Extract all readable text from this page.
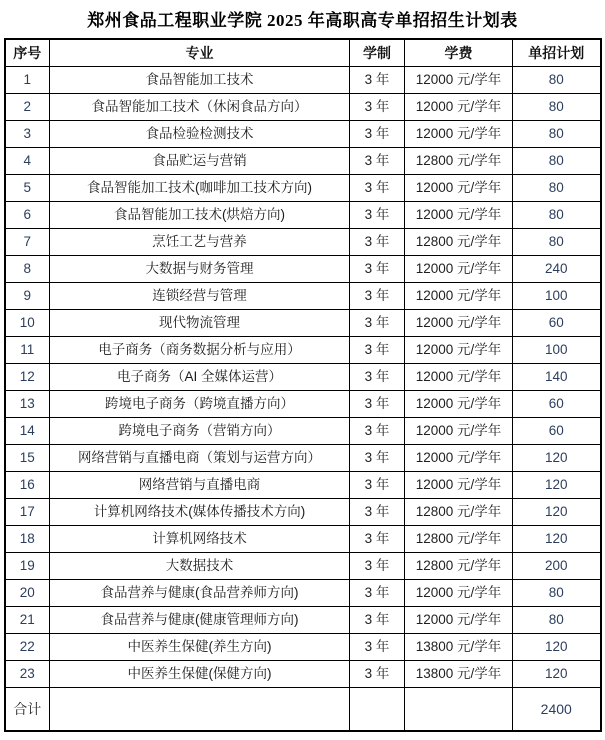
郑州食品工程职业学院 2025 年高职高专单招招生计划表
序号	专业	学制	学费	单招计划
1	食品智能加工技术	3 年	12000 元/学年	80
2	食品智能加工技术（休闲食品方向）	3 年	12000 元/学年	80
3	食品检验检测技术	3 年	12000 元/学年	80
4	食品贮运与营销	3 年	12800 元/学年	80
5	食品智能加工技术(咖啡加工技术方向)	3 年	12000 元/学年	80
6	食品智能加工技术(烘焙方向)	3 年	12000 元/学年	80
7	烹饪工艺与营养	3 年	12800 元/学年	80
8	大数据与财务管理	3 年	12000 元/学年	240
9	连锁经营与管理	3 年	12000 元/学年	100
10	现代物流管理	3 年	12000 元/学年	60
11	电子商务（商务数据分析与应用）	3 年	12000 元/学年	100
12	电子商务（AI 全媒体运营）	3 年	12000 元/学年	140
13	跨境电子商务（跨境直播方向）	3 年	12000 元/学年	60
14	跨境电子商务（营销方向）	3 年	12000 元/学年	60
15	网络营销与直播电商（策划与运营方向）	3 年	12000 元/学年	120
16	网络营销与直播电商	3 年	12000 元/学年	120
17	计算机网络技术(媒体传播技术方向)	3 年	12800 元/学年	120
18	计算机网络技术	3 年	12800 元/学年	120
19	大数据技术	3 年	12800 元/学年	200
20	食品营养与健康(食品营养师方向)	3 年	12000 元/学年	80
21	食品营养与健康(健康管理师方向)	3 年	12000 元/学年	80
22	中医养生保健(养生方向)	3 年	13800 元/学年	120
23	中医养生保健(保健方向)	3 年	13800 元/学年	120
合计				2400
